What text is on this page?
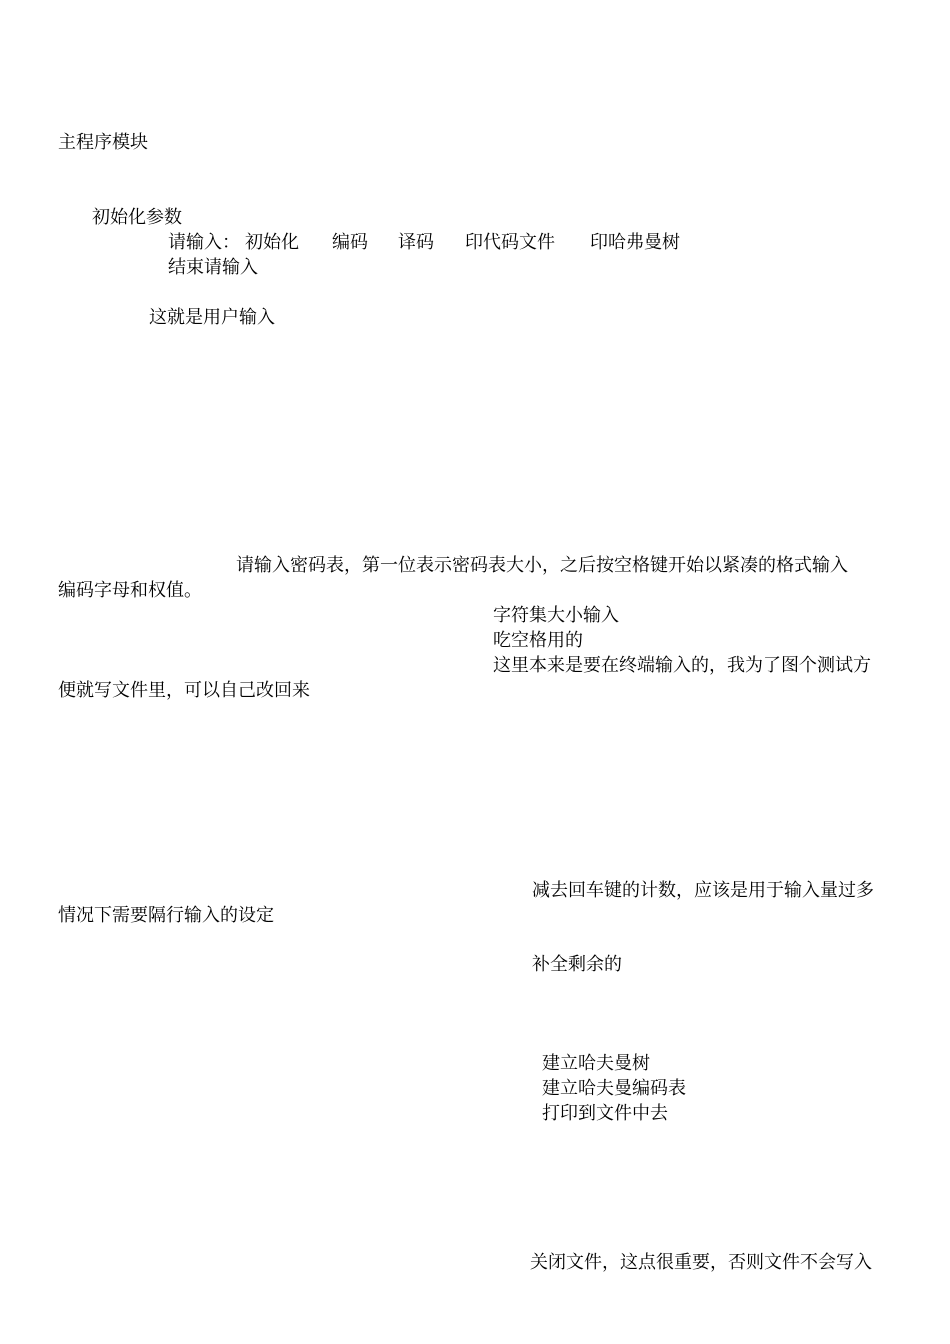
主程序模块
初始化参数
请输入： 初始化 编码 译码 印代码文件 印哈弗曼树
结束请输入
这就是用户输入
请输入密码表，第一位表示密码表大小，之后按空格键开始以紧凑的格式输入
编码字母和权值。
字符集大小输入
吃空格用的
这里本来是要在终端输入的，我为了图个测试方
便就写文件里，可以自己改回来
减去回车键的计数，应该是用于输入量过多
情况下需要隔行输入的设定
补全剩余的
建立哈夫曼树
建立哈夫曼编码表
打印到文件中去
关闭文件，这点很重要，否则文件不会写入
